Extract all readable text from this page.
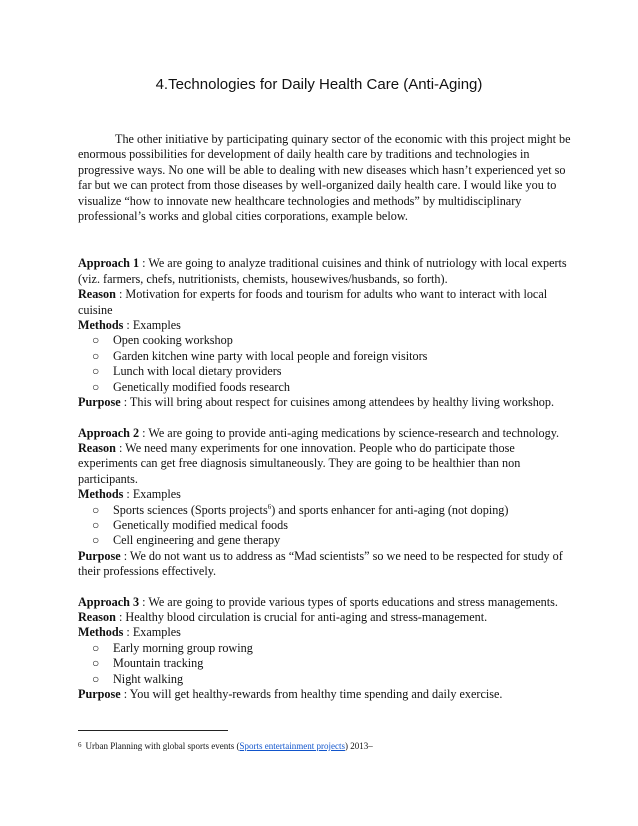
4.Technologies for Daily Health Care (Anti-Aging)

The other initiative by participating quinary sector of the economic with this project might be enormous possibilities for development of daily health care by traditions and technologies in progressive ways. No one will be able to dealing with new diseases which hasn’t experienced yet so far but we can protect from those diseases by well-organized daily health care. I would like you to visualize “how to innovate new healthcare technologies and methods” by multidisciplinary professional’s works and global cities corporations, example below.

Approach 1 : We are going to analyze traditional cuisines and think of nutriology with local experts (viz. farmers, chefs, nutritionists, chemists, housewives/husbands, so forth).

Reason : Motivation for experts for foods and tourism for adults who want to interact with local cuisine

Methods : Examples

○ Open cooking workshop
○ Garden kitchen wine party with local people and foreign visitors
○ Lunch with local dietary providers
○ Genetically modified foods research

Purpose : This will bring about respect for cuisines among attendees by healthy living workshop.

Approach 2 : We are going to provide anti-aging medications by science-research and technology.

Reason : We need many experiments for one innovation. People who do participate those experiments can get free diagnosis simultaneously. They are going to be healthier than non participants.

Methods : Examples

○ Sports sciences (Sports projects$^6$) and sports enhancer for anti-aging (not doping)
○ Genetically modified medical foods
○ Cell engineering and gene therapy

Purpose : We do not want us to address as “Mad scientists” so we need to be respected for study of their professions effectively.

Approach 3 : We are going to provide various types of sports educations and stress managements.

Reason : Healthy blood circulation is crucial for anti-aging and stress-management.

Methods : Examples

○ Early morning group rowing
○ Mountain tracking
○ Night walking

Purpose : You will get healthy-rewards from healthy time spending and daily exercise.

$^6$ Urban Planning with global sports events (Sports entertainment projects) 2013–
